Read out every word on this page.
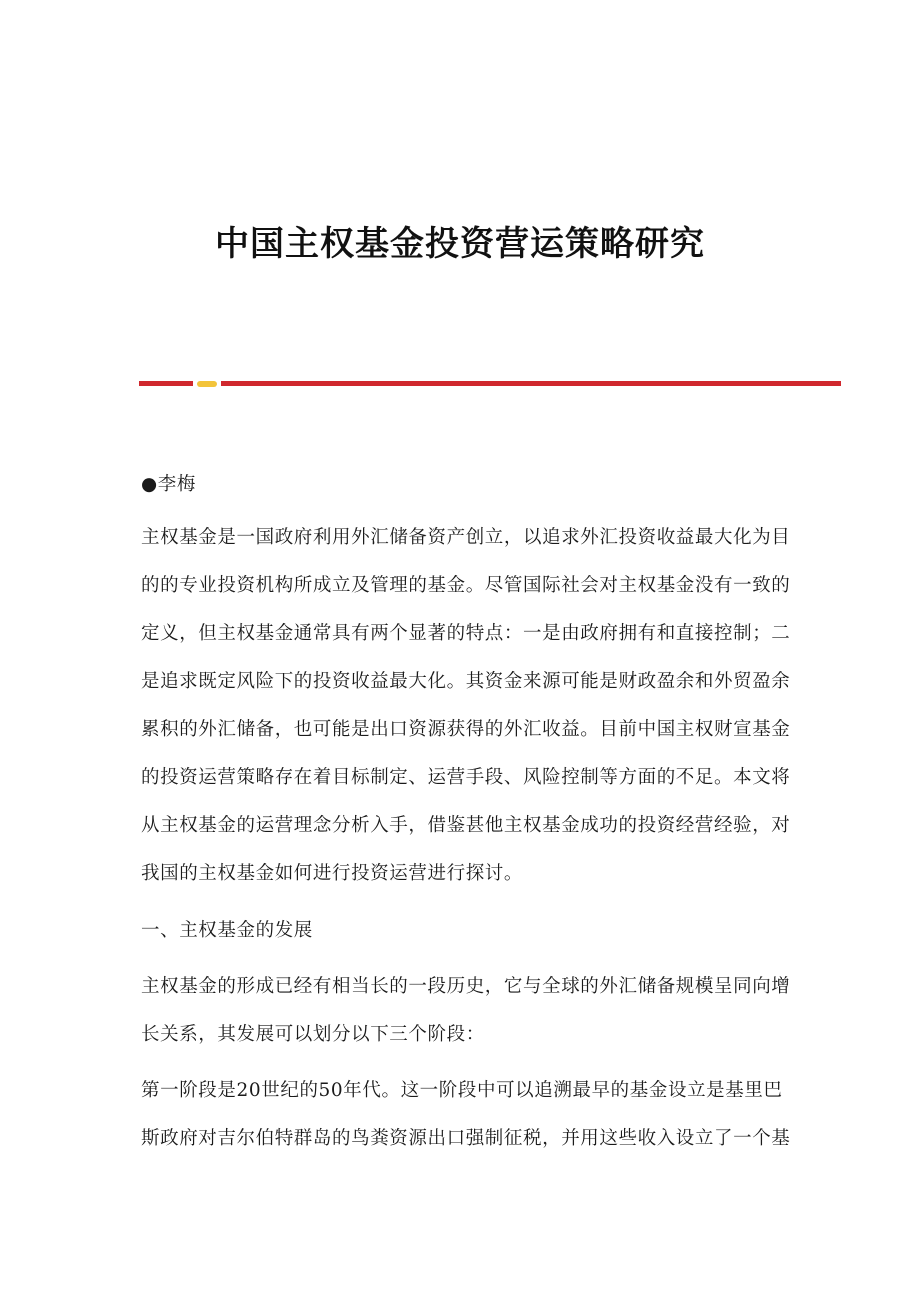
中国主权基金投资营运策略研究
●李梅
主权基金是一国政府利用外汇储备资产创立，以追求外汇投资收益最大化为目
的的专业投资机构所成立及管理的基金。尽管国际社会对主权基金没有一致的
定义，但主权基金通常具有两个显著的特点：一是由政府拥有和直接控制；二
是追求既定风险下的投资收益最大化。其资金来源可能是财政盈余和外贸盈余
累积的外汇储备，也可能是出口资源获得的外汇收益。目前中国主权财宣基金
的投资运营策略存在着目标制定、运营手段、风险控制等方面的不足。本文将
从主权基金的运营理念分析入手，借鉴甚他主权基金成功的投资经营经验，对
我国的主权基金如何进行投资运营进行探讨。
一、主权基金的发展
主权基金的形成已经有相当长的一段历史，它与全球的外汇储备规模呈同向增
长关系，其发展可以划分以下三个阶段：
第一阶段是20世纪的50年代。这一阶段中可以追溯最早的基金设立是基里巴
斯政府对吉尔伯特群岛的鸟粪资源出口强制征税，并用这些收入设立了一个基
